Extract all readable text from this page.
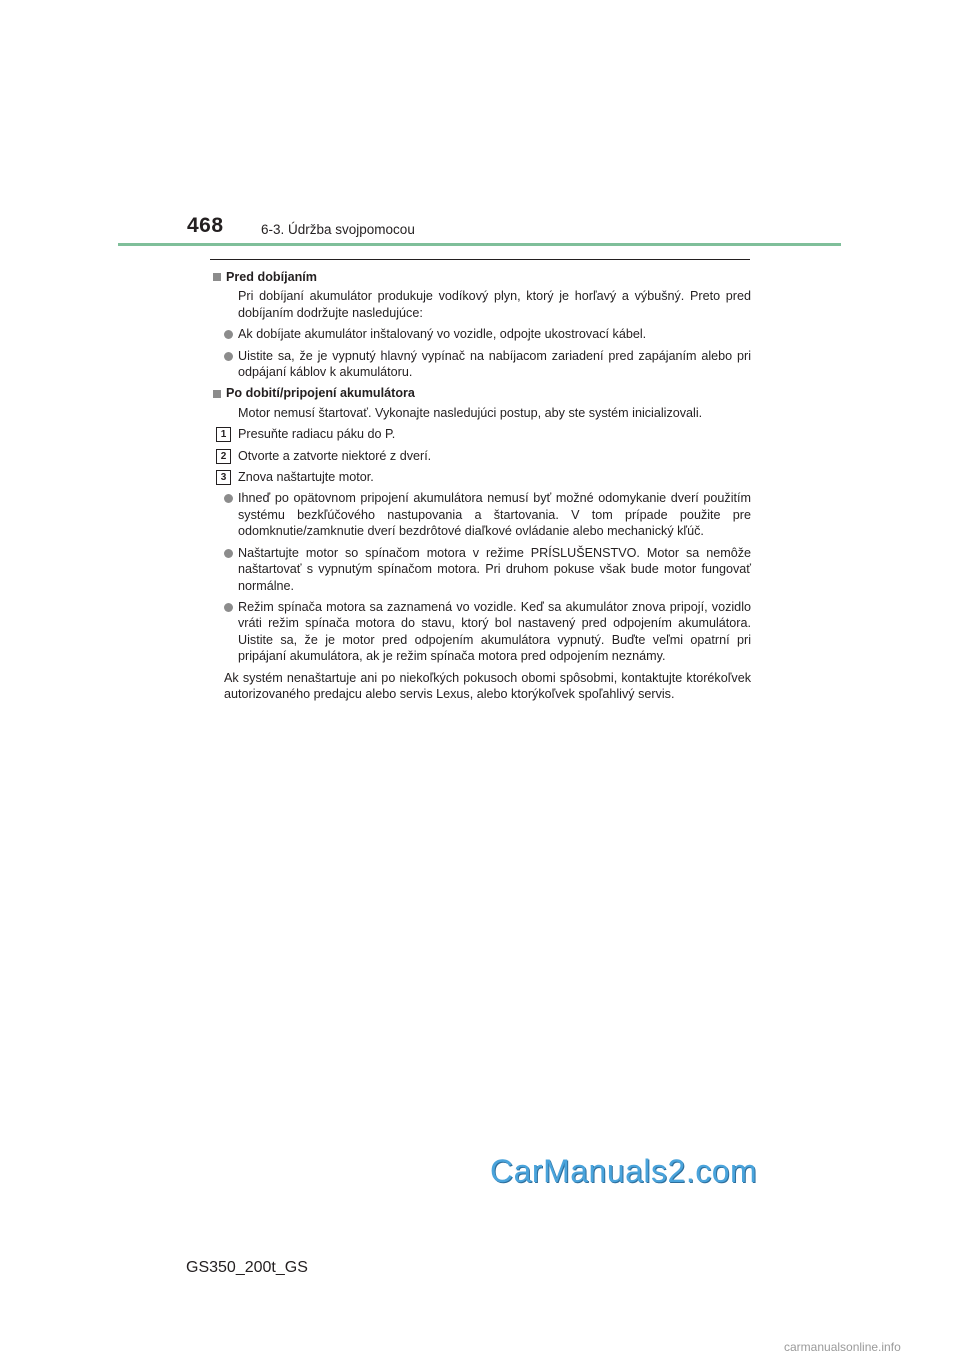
468	6-3. Údržba svojpomocou
Pred dobíjaním

Pri dobíjaní akumulátor produkuje vodíkový plyn, ktorý je horľavý a výbušný. Preto pred dobíjaním dodržujte nasledujúce:

Ak dobíjate akumulátor inštalovaný vo vozidle, odpojte ukostrovací kábel.
Uistite sa, že je vypnutý hlavný vypínač na nabíjacom zariadení pred zapájaním alebo pri odpájaní káblov k akumulátoru.
Po dobití/pripojení akumulátora

Motor nemusí štartovať. Vykonajte nasledujúci postup, aby ste systém inicializovali.

1 Presuňte radiacu páku do P.
2 Otvorte a zatvorte niektoré z dverí.
3 Znova naštartujte motor.
Ihneď po opätovnom pripojení akumulátora nemusí byť možné odomykanie dverí použitím systému bezkľúčového nastupovania a štartovania. V tom prípade použite pre odomknutie/zamknutie dverí bezdrôtové diaľkové ovládanie alebo mechanický kľúč.
Naštartujte motor so spínačom motora v režime PRÍSLUŠENSTVO. Motor sa nemôže naštartovať s vypnutým spínačom motora. Pri druhom pokuse však bude motor fungovať normálne.
Režim spínača motora sa zaznamená vo vozidle. Keď sa akumulátor znova pripojí, vozidlo vráti režim spínača motora do stavu, ktorý bol nastavený pred odpojením akumulátora. Uistite sa, že je motor pred odpojením akumulátora vypnutý. Buďte veľmi opatrní pri pripájaní akumulátora, ak je režim spínača motora pred odpojením neznámy.

Ak systém nenaštartuje ani po niekoľkých pokusoch obomi spôsobmi, kontaktujte ktorékoľvek autorizovaného predajcu alebo servis Lexus, alebo ktorýkoľvek spoľahlivý servis.

CarManuals2.com
GS350_200t_GS
carmanualsonline.info
